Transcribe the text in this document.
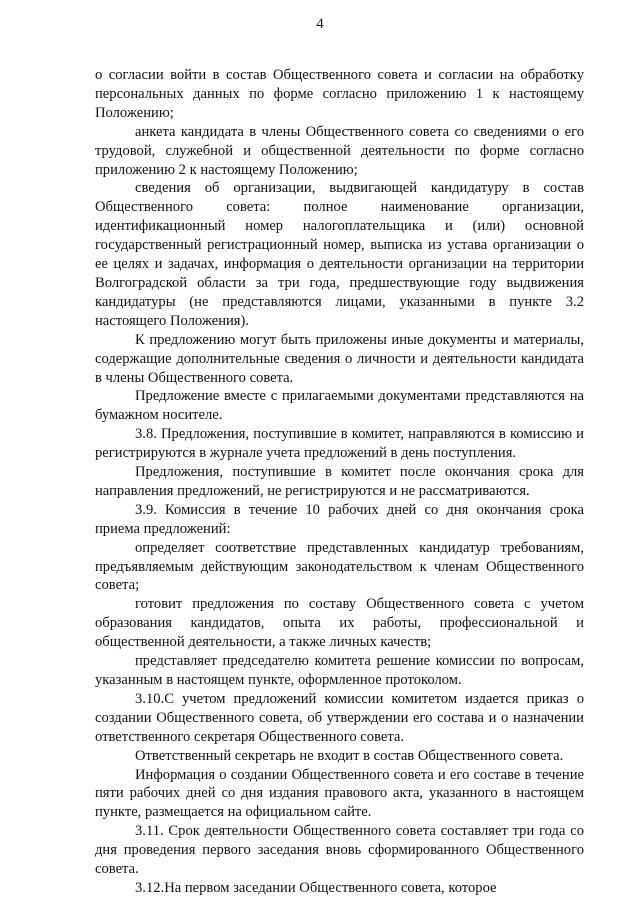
4

о согласии войти в состав Общественного совета и согласии на обработку персональных данных по форме согласно приложению 1 к настоящему Положению;

анкета кандидата в члены Общественного совета со сведениями о его трудовой, служебной и общественной деятельности по форме согласно приложению 2 к настоящему Положению;

сведения об организации, выдвигающей кандидатуру в состав Общественного совета: полное наименование организации, идентификационный номер налогоплательщика и (или) основной государственный регистрационный номер, выписка из устава организации о ее целях и задачах, информация о деятельности организации на территории Волгоградской области за три года, предшествующие году выдвижения кандидатуры (не представляются лицами, указанными в пункте 3.2 настоящего Положения).

К предложению могут быть приложены иные документы и материалы, содержащие дополнительные сведения о личности и деятельности кандидата в члены Общественного совета.

Предложение вместе с прилагаемыми документами представляются на бумажном носителе.

3.8. Предложения, поступившие в комитет, направляются в комиссию и регистрируются в журнале учета предложений в день поступления.

Предложения, поступившие в комитет после окончания срока для направления предложений, не регистрируются и не рассматриваются.

3.9. Комиссия в течение 10 рабочих дней со дня окончания срока приема предложений:

определяет соответствие представленных кандидатур требованиям, предъявляемым действующим законодательством к членам Общественного совета;

готовит предложения по составу Общественного совета с учетом образования кандидатов, опыта их работы, профессиональной и общественной деятельности, а также личных качеств;

представляет председателю комитета решение комиссии по вопросам, указанным в настоящем пункте, оформленное протоколом.

3.10.С учетом предложений комиссии комитетом издается приказ о создании Общественного совета, об утверждении его состава и о назначении ответственного секретаря Общественного совета.

Ответственный секретарь не входит в состав Общественного совета.

Информация о создании Общественного совета и его составе в течение пяти рабочих дней со дня издания правового акта, указанного в настоящем пункте, размещается на официальном сайте.

3.11. Срок деятельности Общественного совета составляет три года со дня проведения первого заседания вновь сформированного Общественного совета.

3.12.На первом заседании Общественного совета, которое
